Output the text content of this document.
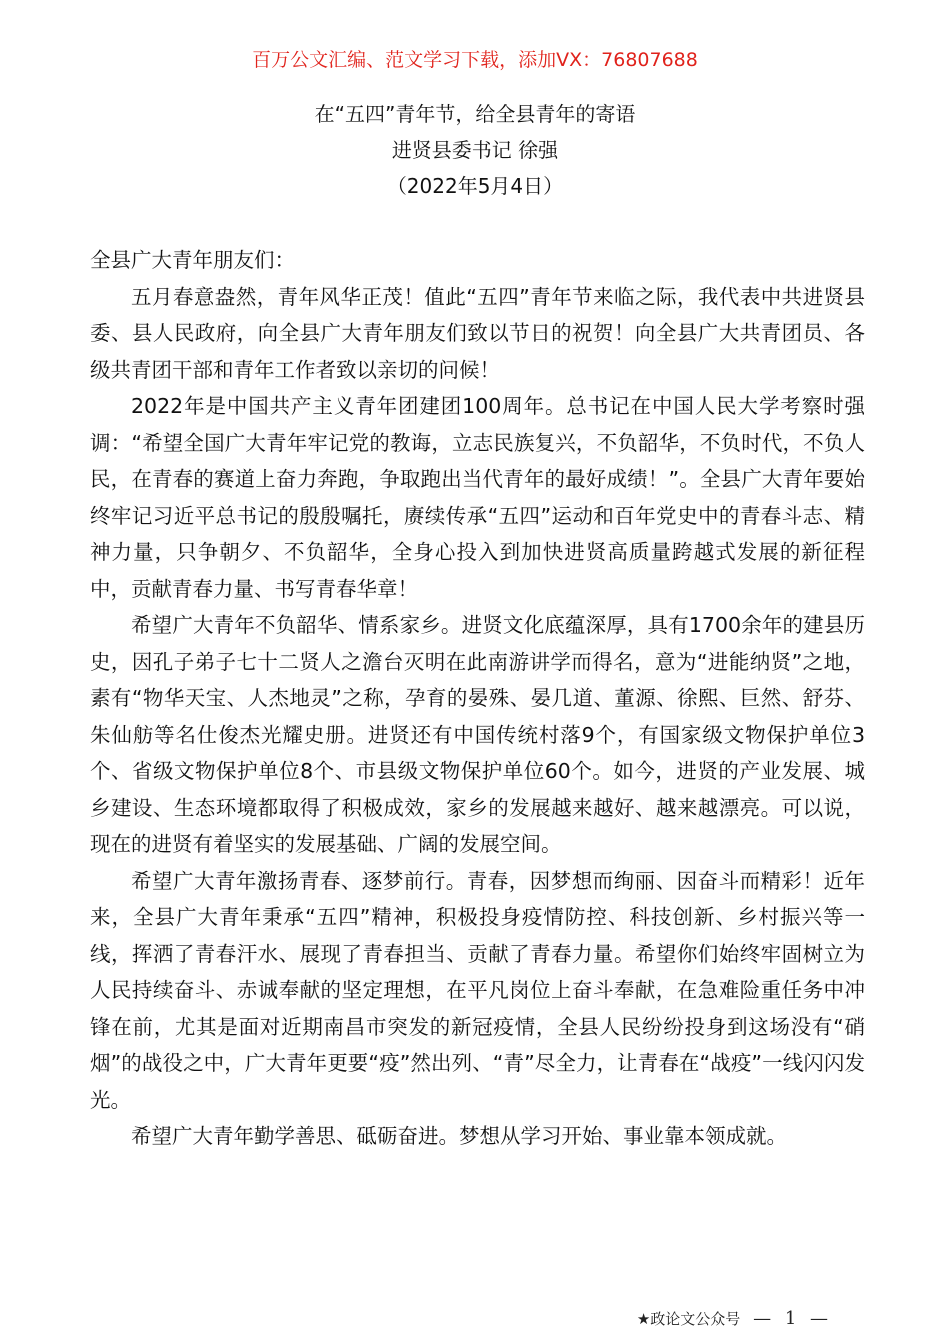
百万公文汇编、范文学习下载，添加VX：76807688
在“五四”青年节，给全县青年的寄语
进贤县委书记 徐强
（2022年5月4日）

全县广大青年朋友们：

五月春意盎然，青年风华正茂！值此“五四”青年节来临之际，我代表中共进贤县委、县人民政府，向全县广大青年朋友们致以节日的祝贺！向全县广大共青团员、各级共青团干部和青年工作者致以亲切的问候！

2022年是中国共产主义青年团建团100周年。总书记在中国人民大学考察时强调：“希望全国广大青年牢记党的教诲，立志民族复兴，不负韶华，不负时代，不负人民，在青春的赛道上奋力奔跑，争取跑出当代青年的最好成绩！”。全县广大青年要始终牢记习近平总书记的殷殷嘱托，赓续传承“五四”运动和百年党史中的青春斗志、精神力量，只争朝夕、不负韶华，全身心投入到加快进贤高质量跨越式发展的新征程中，贡献青春力量、书写青春华章！

希望广大青年不负韶华、情系家乡。进贤文化底蕴深厚，具有1700余年的建县历史，因孔子弟子七十二贤人之澹台灭明在此南游讲学而得名，意为“进能纳贤”之地，素有“物华天宝、人杰地灵”之称，孕育的晏殊、晏几道、董源、徐熙、巨然、舒芬、朱仙舫等名仕俊杰光耀史册。进贤还有中国传统村落9个，有国家级文物保护单位3个、省级文物保护单位8个、市县级文物保护单位60个。如今，进贤的产业发展、城乡建设、生态环境都取得了积极成效，家乡的发展越来越好、越来越漂亮。可以说，现在的进贤有着坚实的发展基础、广阔的发展空间。

希望广大青年激扬青春、逐梦前行。青春，因梦想而绚丽、因奋斗而精彩！近年来，全县广大青年秉承“五四”精神，积极投身疫情防控、科技创新、乡村振兴等一线，挥洒了青春汗水、展现了青春担当、贡献了青春力量。希望你们始终牢固树立为人民持续奋斗、赤诚奉献的坚定理想，在平凡岗位上奋斗奉献，在急难险重任务中冲锋在前，尤其是面对近期南昌市突发的新冠疫情，全县人民纷纷投身到这场没有“硝烟”的战役之中，广大青年更要“疫”然出列、“青”尽全力，让青春在“战疫”一线闪闪发光。

希望广大青年勤学善思、砥砺奋进。梦想从学习开始、事业靠本领成就。

★政论文公众号 — 1 —
